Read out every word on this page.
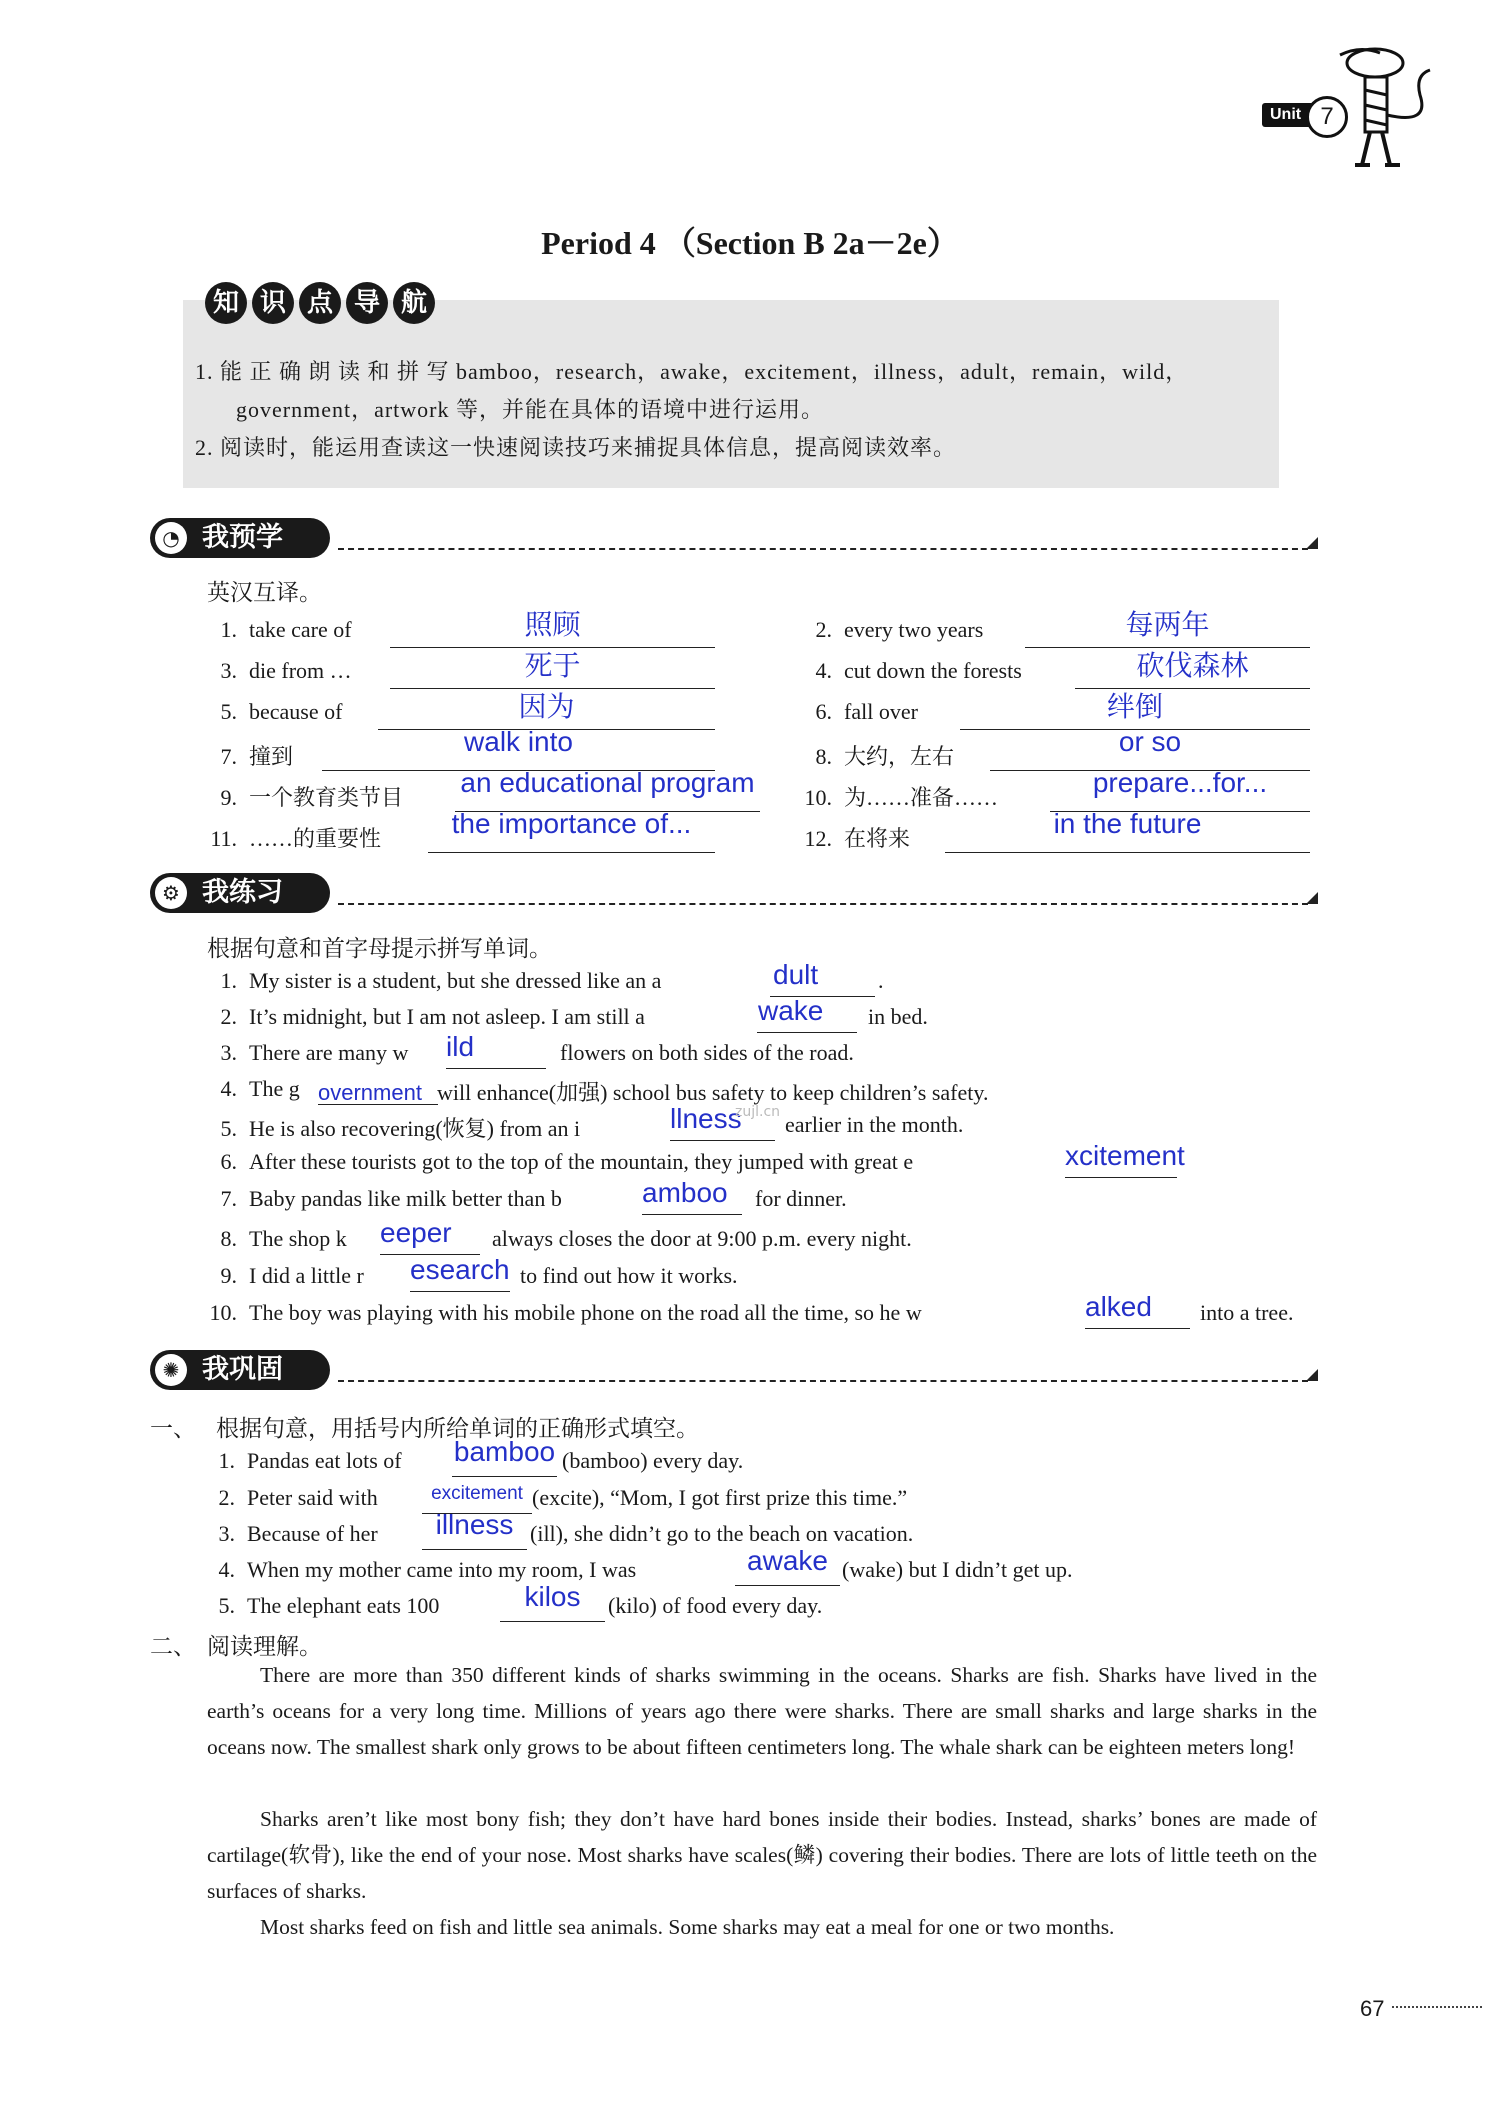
Unit 7
Period 4 （Section B 2a－2e）
知 识 点 导 航
1. 能 正 确 朗 读 和 拼 写 bamboo，research，awake，excitement，illness，adult，remain，wild，
government，artwork 等，并能在具体的语境中进行运用。
2. 阅读时，能运用查读这一快速阅读技巧来捕捉具体信息，提高阅读效率。
◔ 我预学
英汉互译。
1. take care of	照顾
3. die from …	死于
5. because of	因为
7. 撞到	walk into
9. 一个教育类节目 an educational program
11. ……的重要性	the importance of...
2. every two years	每两年
4. cut down the forests	砍伐森林
6. fall over	绊倒
8. 大约，左右	or so
10. 为……准备……	prepare...for...
12. 在将来	in the future
⚙ 我练习
根据句意和首字母提示拼写单词。
1. My sister is a student, but she dressed like an a	dult	.
2. It’s midnight, but I am not asleep. I am still a	wake in bed.
3. There are many w ild	flowers on both sides of the road.
4. The g overnment will enhance(加强) school bus safety to keep children’s safety.
5. He is also recovering(恢复) from an i	llness earlier in the month.
zujl.cn
6. After these tourists got to the top of the mountain, they jumped with great e	xcitement
7. Baby pandas like milk better than b	amboo for dinner.
8. The shop k eeper always closes the door at 9:00 p.m. every night.
9. I did a little r esearch to find out how it works.
10. The boy was playing with his mobile phone on the road all the time, so he w	alked into a tree.
✺ 我巩固
一、 根据句意，用括号内所给单词的正确形式填空。
1. Pandas eat lots of bamboo (bamboo) every day.
2. Peter said with	excitement (excite), “Mom, I got first prize this time.”
3. Because of her	illness (ill), she didn’t go to the beach on vacation.
4. When my mother came into my room, I was	awake (wake) but I didn’t get up.
5. The elephant eats 100	kilos	(kilo) of food every day.
二、 阅读理解。
There are more than 350 different kinds of sharks swimming in the oceans. Sharks are fish. Sharks have lived in the earth’s oceans for a very long time. Millions of years ago there were sharks. There are small sharks and large sharks in the oceans now. The smallest shark only grows to be about fifteen centimeters long. The whale shark can be eighteen meters long!
Sharks aren’t like most bony fish; they don’t have hard bones inside their bodies. Instead, sharks’ bones are made of cartilage(软骨), like the end of your nose. Most sharks have scales(鳞) covering their bodies. There are lots of little teeth on the surfaces of sharks.
Most sharks feed on fish and little sea animals. Some sharks may eat a meal for one or two months.
67
